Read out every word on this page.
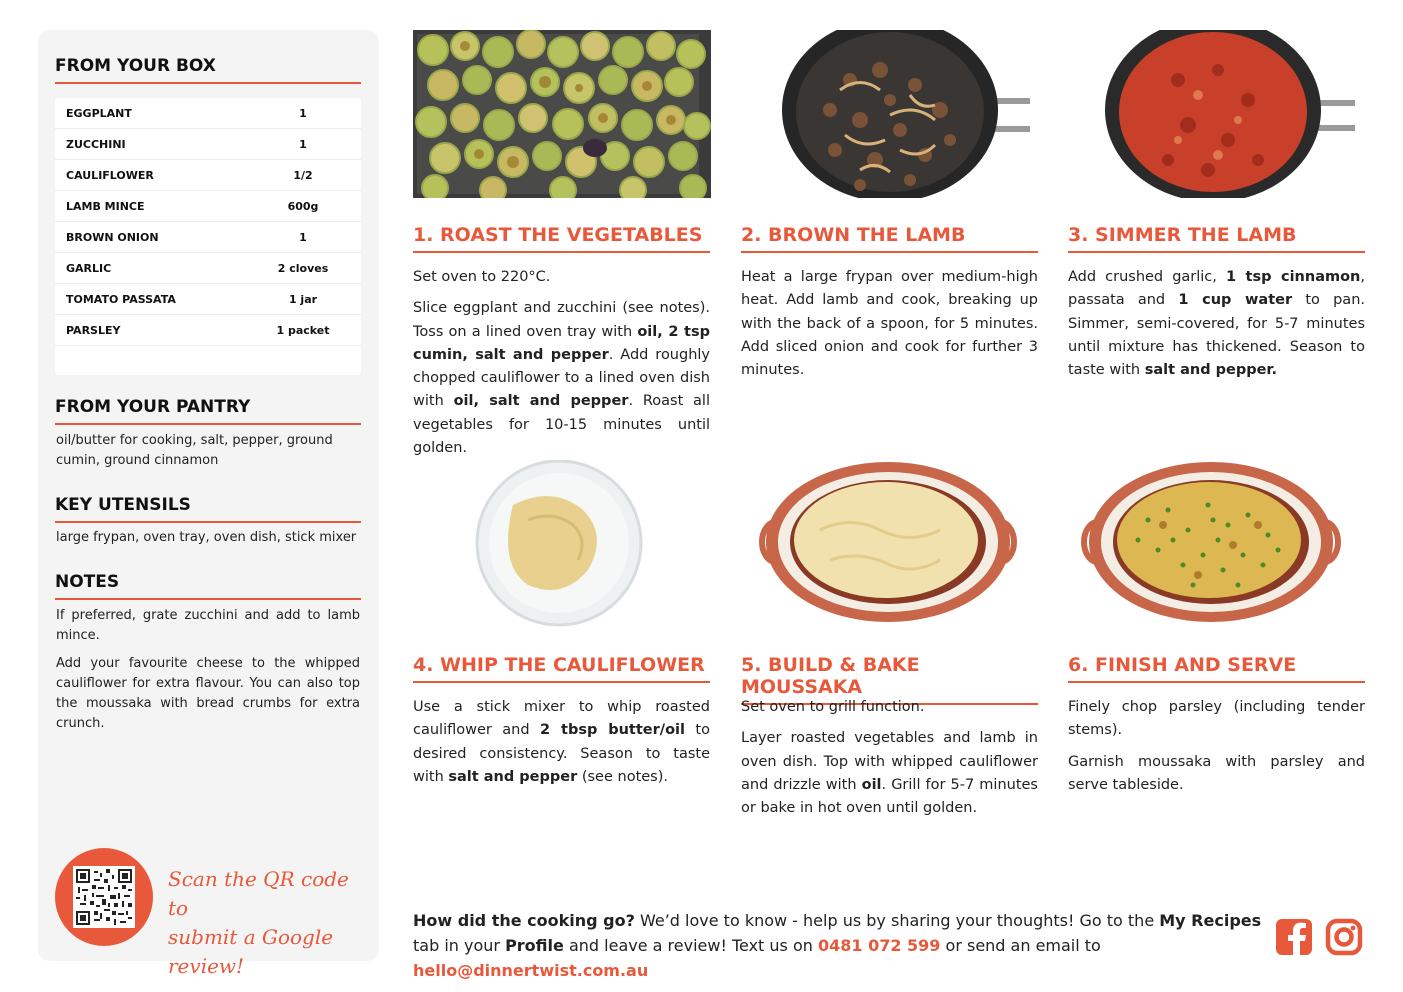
FROM YOUR BOX
EGGPLANT	1
ZUCCHINI	1
CAULIFLOWER	1/2
LAMB MINCE	600g
BROWN ONION	1
GARLIC	2 cloves
TOMATO PASSATA	1 jar
PARSLEY	1 packet
FROM YOUR PANTRY
oil/butter for cooking, salt, pepper, ground cumin, ground cinnamon
KEY UTENSILS
large frypan, oven tray, oven dish, stick mixer
NOTES
If preferred, grate zucchini and add to lamb mince.
Add your favourite cheese to the whipped cauliflower for extra flavour. You can also top the moussaka with bread crumbs for extra crunch.
Scan the QR code to
submit a Google review!
1. ROAST THE VEGETABLES	2. BROWN THE LAMB	3. SIMMER THE LAMB
4. WHIP THE CAULIFLOWER 5. BUILD & BAKE MOUSSAKA
6. FINISH AND SERVE

Set oven to 220°C.

Slice eggplant and zucchini (see notes). Toss on a lined oven tray with oil, 2 tsp cumin, salt and pepper. Add roughly chopped cauliflower to a lined oven dish with oil, salt and pepper. Roast all vegetables for 10-15 minutes until golden.

Heat a large frypan over medium-high heat. Add lamb and cook, breaking up with the back of a spoon, for 5 minutes. Add sliced onion and cook for further 3 minutes.

Add crushed garlic, 1 tsp cinnamon, passata and 1 cup water to pan. Simmer, semi-covered, for 5-7 minutes until mixture has thickened. Season to taste with salt and pepper.

Use a stick mixer to whip roasted cauliflower and 2 tbsp butter/oil to desired consistency. Season to taste with salt and pepper (see notes).

Set oven to grill function.

Layer roasted vegetables and lamb in oven dish. Top with whipped cauliflower and drizzle with oil. Grill for 5-7 minutes or bake in hot oven until golden.

Finely chop parsley (including tender stems).

Garnish moussaka with parsley and serve tableside.

How did the cooking go? We’d love to know - help us by sharing your thoughts! Go to the My Recipes tab in your Profile and leave a review! Text us on 0481 072 599 or send an email to hello@dinnertwist.com.au
